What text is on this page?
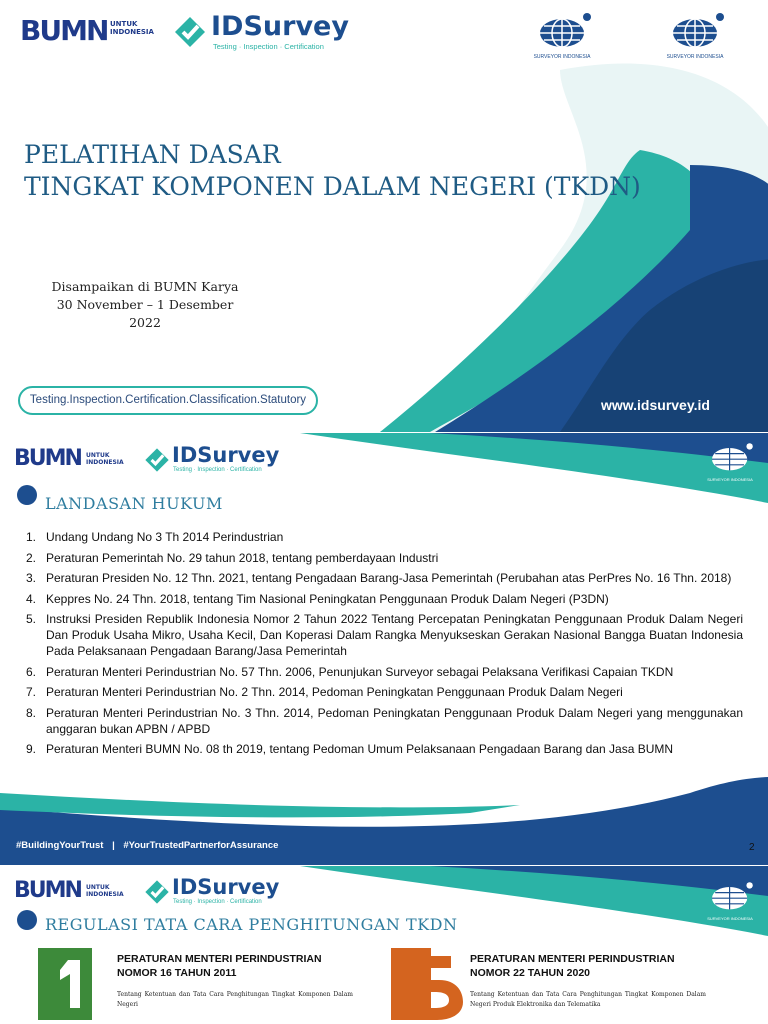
BUMN UNTUK
INDONESIA IDSurvey
Testing · Inspection · Certification
SURVEYOR INDONESIA	SURVEYOR INDONESIA
PELATIHAN DASAR
TINGKAT KOMPONEN DALAM NEGERI (TKDN)
Disampaikan di BUMN Karya
30 November – 1 Desember 2022
Testing.Inspection.Certification.Classification.Statutory	www.idsurvey.id
BUMN UNTUK
INDONESIA IDSurvey
Testing · Inspection · Certification
SURVEYOR INDONESIA
LANDASAN HUKUM
1. Undang Undang No 3 Th 2014 Perindustrian
2. Peraturan Pemerintah No. 29 tahun 2018, tentang pemberdayaan Industri
3. Peraturan Presiden No. 12 Thn. 2021, tentang Pengadaan Barang-Jasa Pemerintah (Perubahan atas PerPres No. 16 Thn. 2018)
4. Keppres No. 24 Thn. 2018, tentang Tim Nasional Peningkatan Penggunaan Produk Dalam Negeri (P3DN)
5. Instruksi Presiden Republik Indonesia Nomor 2 Tahun 2022 Tentang Percepatan Peningkatan Penggunaan Produk Dalam Negeri Dan Produk Usaha Mikro, Usaha Kecil, Dan Koperasi Dalam Rangka Menyukseskan Gerakan Nasional Bangga Buatan Indonesia Pada Pelaksanaan Pengadaan Barang/Jasa Pemerintah
6. Peraturan Menteri Perindustrian No. 57 Thn. 2006, Penunjukan Surveyor sebagai Pelaksana Verifikasi Capaian TKDN
7. Peraturan Menteri Perindustrian No. 2 Thn. 2014, Pedoman Peningkatan Penggunaan Produk Dalam Negeri
8. Peraturan Menteri Perindustrian No. 3 Thn. 2014, Pedoman Peningkatan Penggunaan Produk Dalam Negeri yang menggunakan anggaran bukan APBN / APBD
9. Peraturan Menteri BUMN No. 08 th 2019, tentang Pedoman Umum Pelaksanaan Pengadaan Barang dan Jasa BUMN
#BuildingYourTrust | #YourTrustedPartnerforAssurance	2
BUMN UNTUK
INDONESIA IDSurvey
Testing · Inspection · Certification
SURVEYOR INDONESIA
REGULASI TATA CARA PENGHITUNGAN TKDN
PERATURAN MENTERI PERINDUSTRIAN
NOMOR 16 TAHUN 2011
Tentang Ketentuan dan Tata Cara Penghitungan Tingkat Komponen Dalam Negeri
PERATURAN MENTERI PERINDUSTRIAN
NOMOR 22 TAHUN 2020
Tentang Ketentuan dan Tata Cara Penghitungan Tingkat Komponen Dalam Negeri Produk Elektronika dan Telematika
